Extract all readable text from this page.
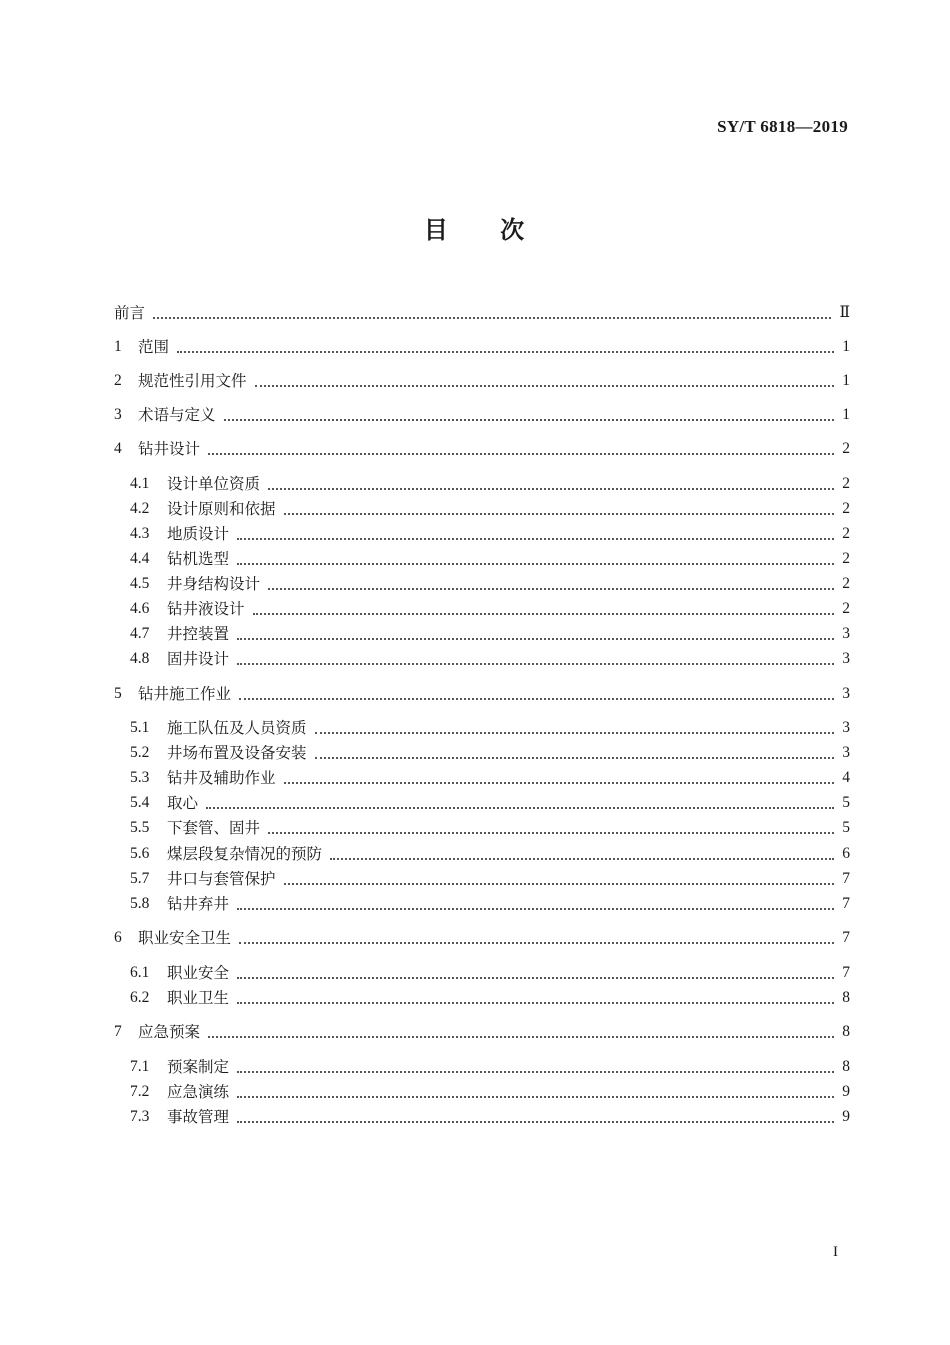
SY/T 6818—2019
目 次
前言	Ⅱ
1	范围	1
2	规范性引用文件	1
3	术语与定义	1
4	钻井设计	2
4.1	设计单位资质	2
4.2	设计原则和依据	2
4.3	地质设计	2
4.4	钻机选型	2
4.5	井身结构设计	2
4.6	钻井液设计	2
4.7	井控装置	3
4.8	固井设计	3
5	钻井施工作业	3
5.1	施工队伍及人员资质	3
5.2	井场布置及设备安装	3
5.3	钻井及辅助作业	4
5.4	取心	5
5.5	下套管、固井	5
5.6	煤层段复杂情况的预防	6
5.7	井口与套管保护	7
5.8	钻井弃井	7
6	职业安全卫生	7
6.1	职业安全	7
6.2	职业卫生	8
7	应急预案	8
7.1	预案制定	8
7.2	应急演练	9
7.3	事故管理	9
I
